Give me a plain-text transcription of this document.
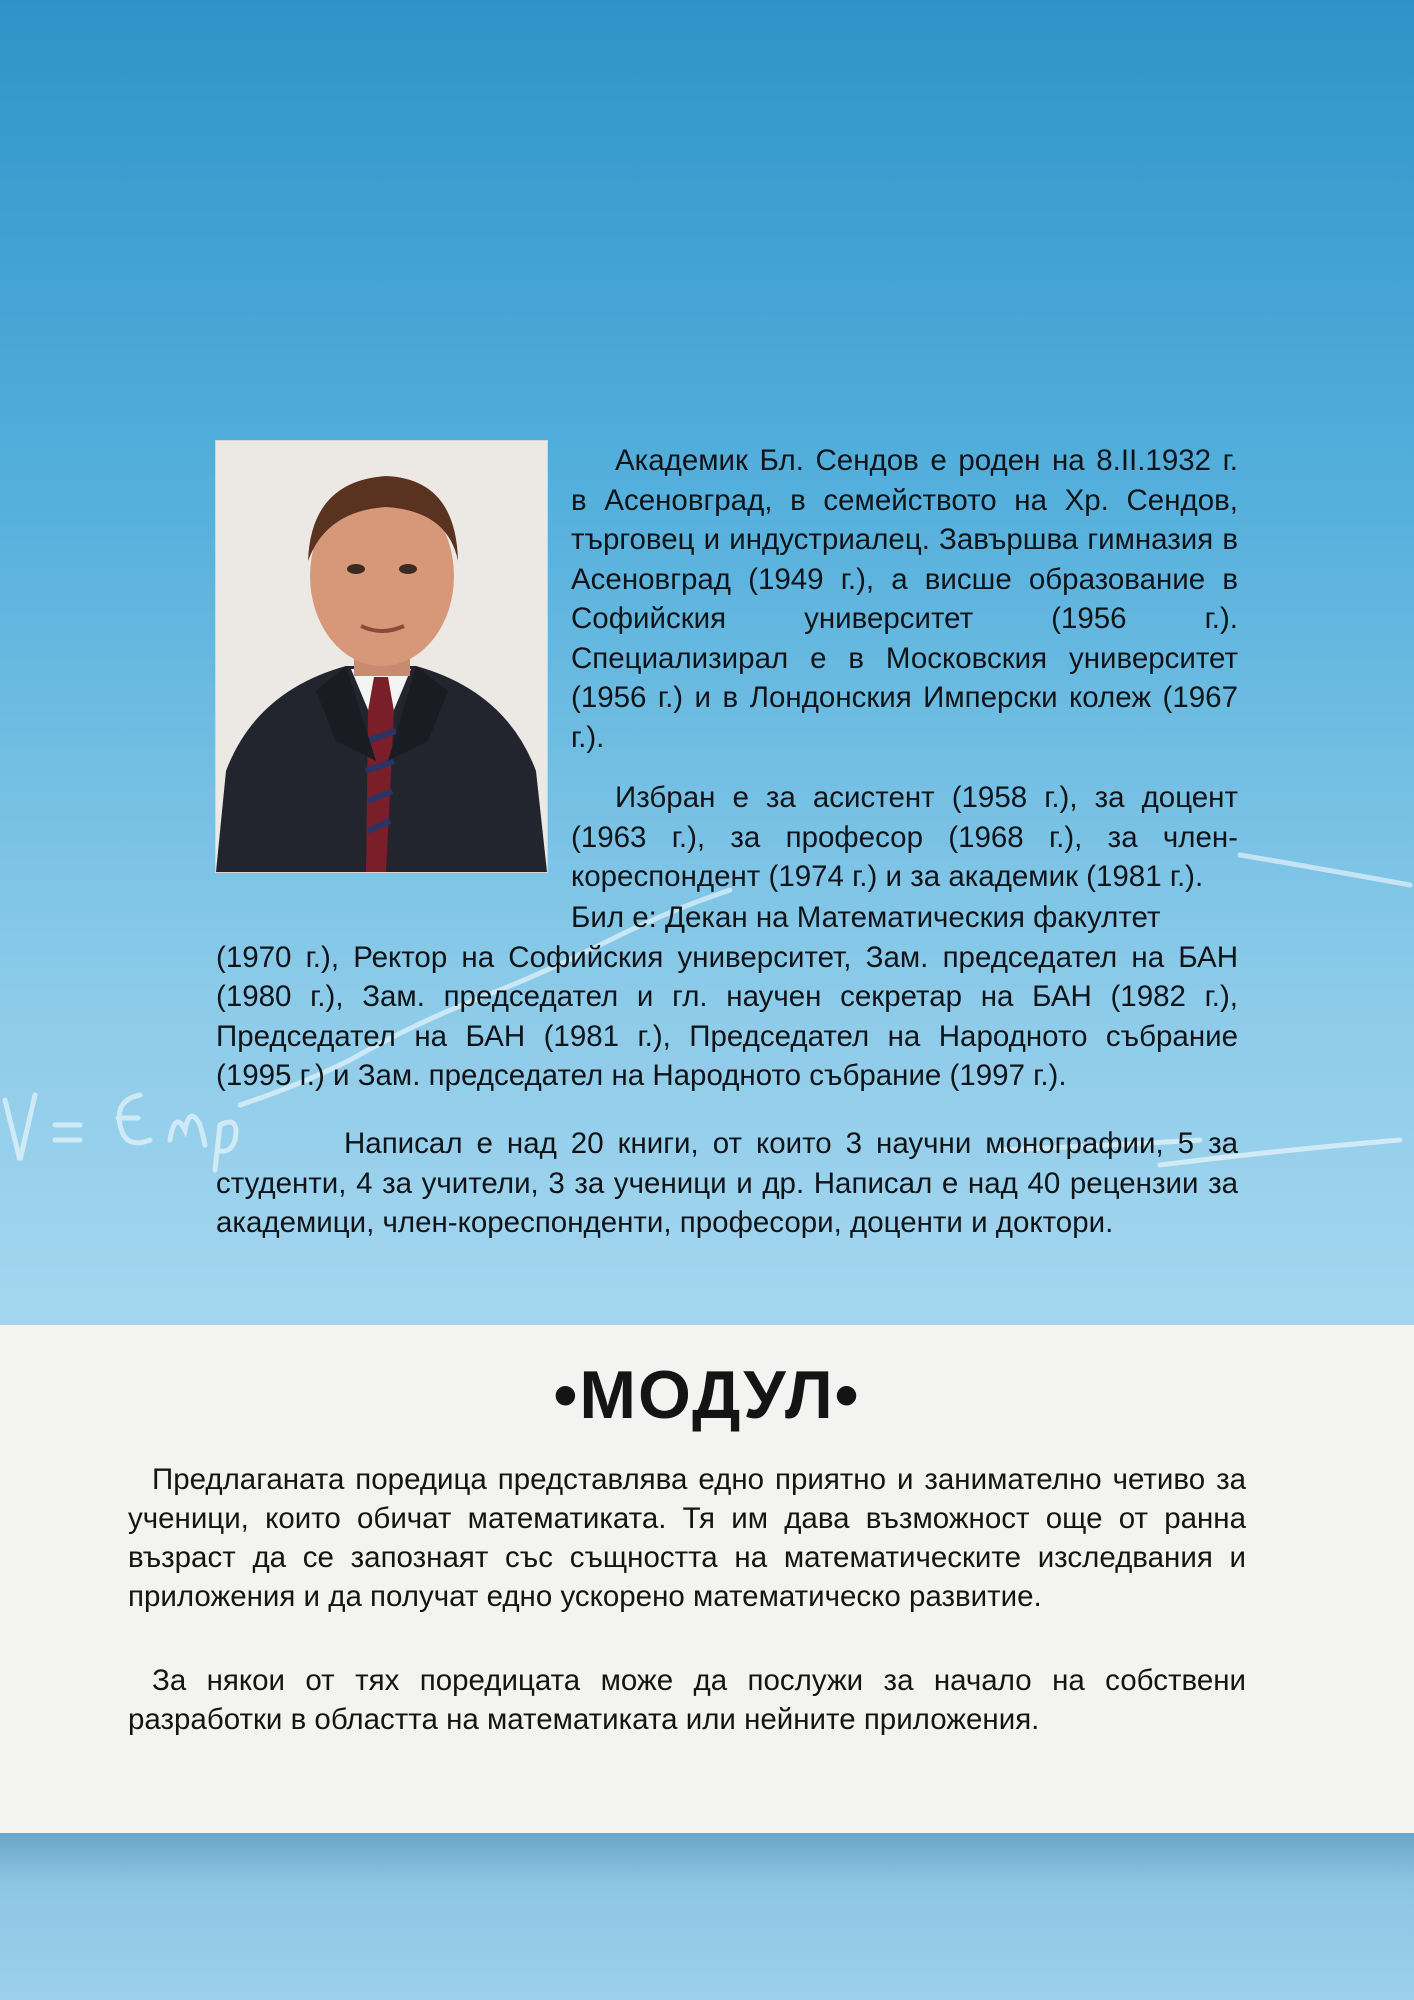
Академик Бл. Сендов е роден на 8.II.1932 г. в Асеновград, в семейството на Хр. Сендов, търговец и индустриалец. Завършва гимназия в Асеновград (1949 г.), а висше образование в Софийския университет (1956 г.). Специализирал е в Московския университет (1956 г.) и в Лондонския Имперски колеж (1967 г.).

Избран е за асистент (1958 г.), за доцент (1963 г.), за професор (1968 г.), за член-кореспондент (1974 г.) и за академик (1981 г.).

Бил е: Декан на Математическия факултет
(1970 г.), Ректор на Софийския университет, Зам. председател на БАН (1980 г.), Зам. председател и гл. научен секретар на БАН (1982 г.), Председател на БАН (1981 г.), Председател на Народното събрание (1995 г.) и Зам. председател на Народното събрание (1997 г.).

Написал е над 20 книги, от които 3 научни монографии, 5 за студенти, 4 за учители, 3 за ученици и др. Написал е над 40 рецензии за академици, член-кореспонденти, професори, доценти и доктори.

•МОДУЛ•

Предлаганата поредица представлява едно приятно и занимателно четиво за ученици, които обичат математиката. Тя им дава възможност още от ранна възраст да се запознаят със същността на математическите изследвания и приложения и да получат едно ускорено математическо развитие.

За някои от тях поредицата може да послужи за начало на собствени разработки в областта на математиката или нейните приложения.
